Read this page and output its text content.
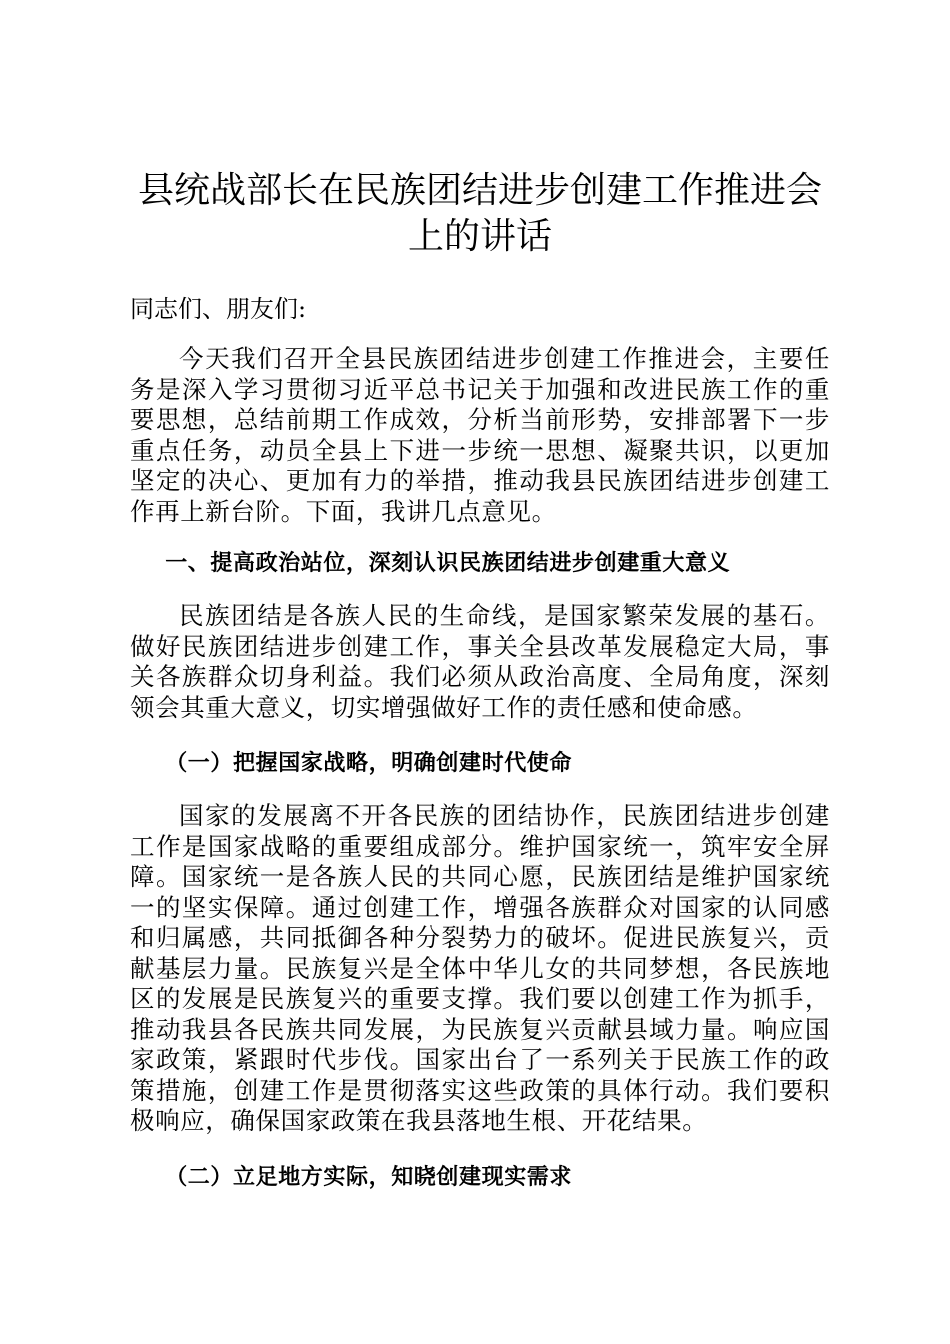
县统战部长在民族团结进步创建工作推进会上的讲话

同志们、朋友们:

今天我们召开全县民族团结进步创建工作推进会，主要任务是深入学习贯彻习近平总书记关于加强和改进民族工作的重要思想，总结前期工作成效，分析当前形势，安排部署下一步重点任务，动员全县上下进一步统一思想、凝聚共识，以更加坚定的决心、更加有力的举措，推动我县民族团结进步创建工作再上新台阶。下面，我讲几点意见。

一、提高政治站位，深刻认识民族团结进步创建重大意义

民族团结是各族人民的生命线，是国家繁荣发展的基石。做好民族团结进步创建工作，事关全县改革发展稳定大局，事关各族群众切身利益。我们必须从政治高度、全局角度，深刻领会其重大意义，切实增强做好工作的责任感和使命感。

（一）把握国家战略，明确创建时代使命

国家的发展离不开各民族的团结协作，民族团结进步创建工作是国家战略的重要组成部分。维护国家统一，筑牢安全屏障。国家统一是各族人民的共同心愿，民族团结是维护国家统一的坚实保障。通过创建工作，增强各族群众对国家的认同感和归属感，共同抵御各种分裂势力的破坏。促进民族复兴，贡献基层力量。民族复兴是全体中华儿女的共同梦想，各民族地区的发展是民族复兴的重要支撑。我们要以创建工作为抓手，推动我县各民族共同发展，为民族复兴贡献县域力量。响应国家政策，紧跟时代步伐。国家出台了一系列关于民族工作的政策措施，创建工作是贯彻落实这些政策的具体行动。我们要积极响应，确保国家政策在我县落地生根、开花结果。

（二）立足地方实际，知晓创建现实需求
